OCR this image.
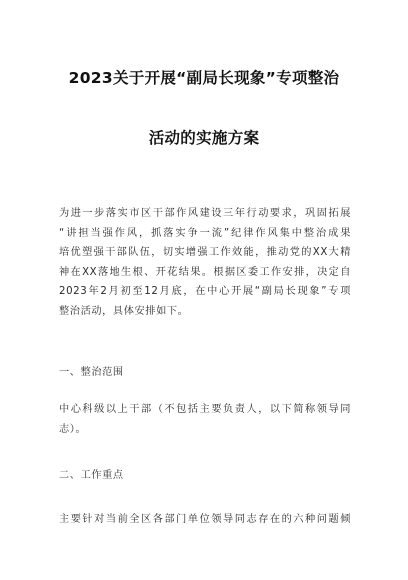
2023关于开展“副局长现象”专项整治
活动的实施方案
为进一步落实市区干部作风建设三年行动要求，巩固拓展
“讲担当强作风，抓落实争一流”纪律作风集中整治成果
培优塑强干部队伍，切实增强工作效能，推动党的XX大精
神在XX落地生根、开花结果。根据区委工作安排，决定自
2023年2月初至12月底，在中心开展“副局长现象”专项
整治活动，具体安排如下。
一、整治范围
中心科级以上干部（不包括主要负责人，以下简称领导同
志）。
二、工作重点
主要针对当前全区各部门单位领导同志存在的六种问题倾
